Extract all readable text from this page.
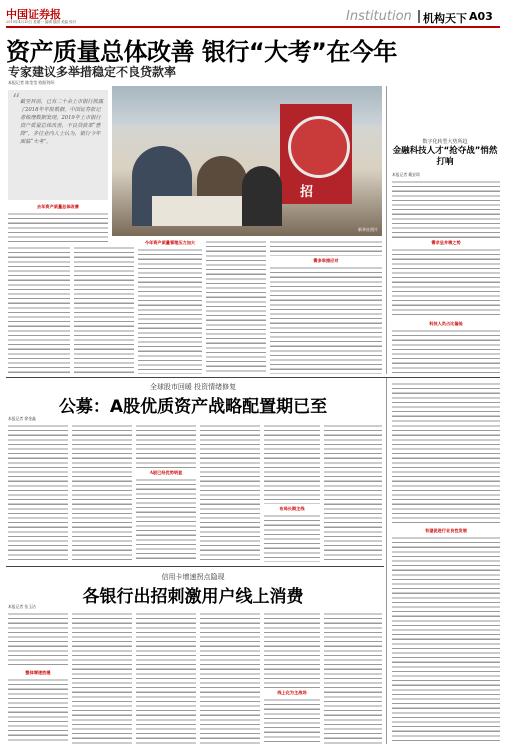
中国证券报
2019年4月15日 星期一 编辑 版面 美编 校对	Institution 机构天下 A03
资产质量总体改善 银行“大考”在今年
专家建议多举措稳定不良贷款率
本报记者 陈莹莹 欧阳剑环
“ 截至目前，已有二十余上市银行披露了2018年年报数据。中国证券报记者梳理数据发现，2019年上市银行资产质量总体改善，不良贷款率“普降”，多位业内人士认为，银行今年面临“大考”。
招
新华社图片
数字化转型大势所趋
金融科技人才“抢夺战”悄然打响
本报记者 戴安琪
需求呈井喷之势
科技人员占比偏低
去年资产质量总体改善
今年资产质量管理压力加大
需多举措应对
全球股市回暖 投资情绪修复
公募：A股优质资产战略配置期已至
本报记者 徐金鑫
A股已经优势明显
布局长期主线
有望促进行业良性发展
信用卡增速拐点隐现
各银行出招刺激用户线上消费
本报记者 张玉洁
整体增速放缓
线上化为主战场
